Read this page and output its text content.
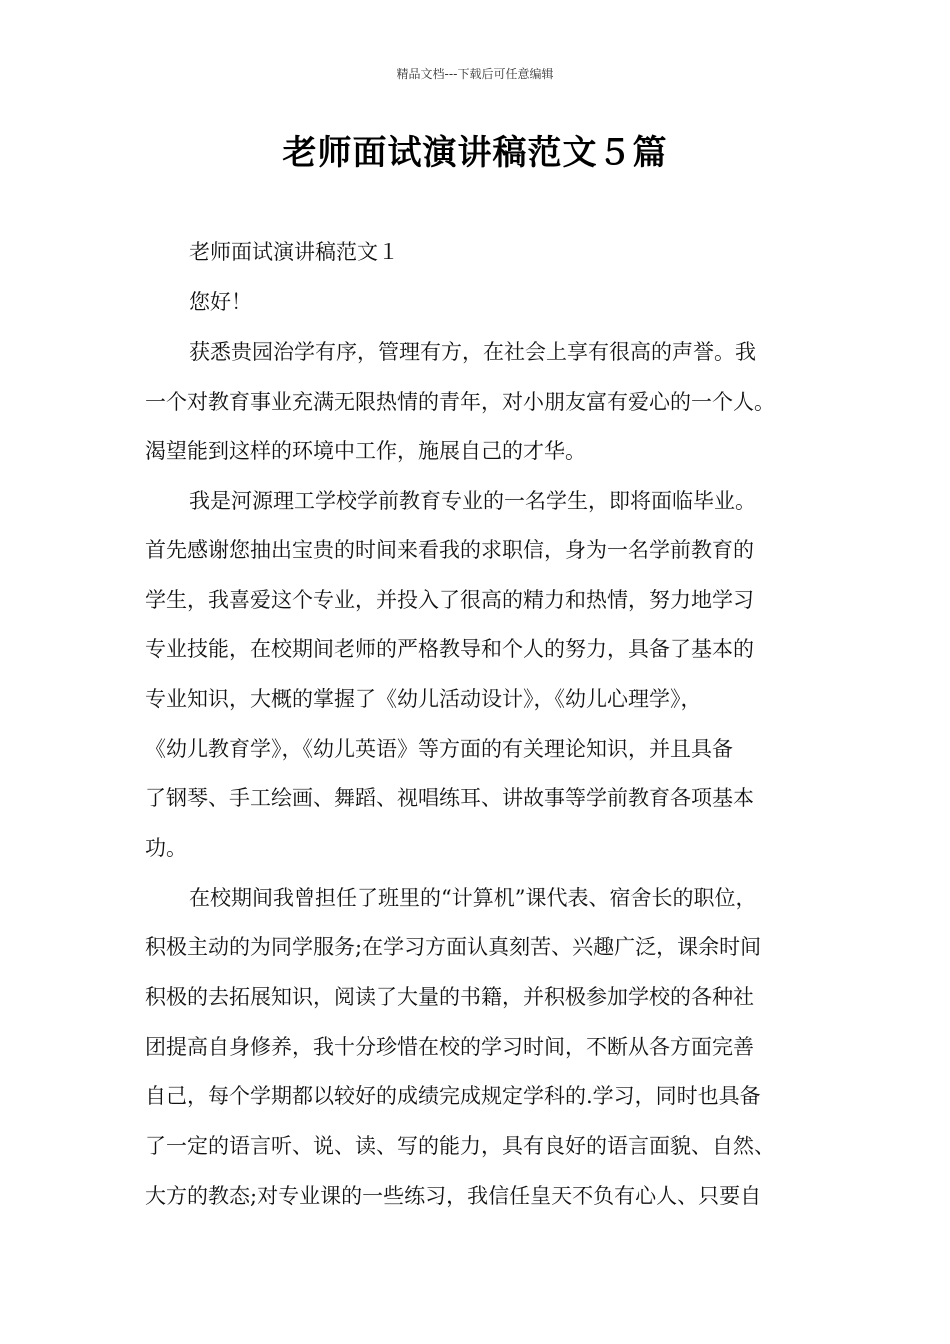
精品文档---下载后可任意编辑
老师面试演讲稿范文５篇
老师面试演讲稿范文１
您好！
获悉贵园治学有序，管理有方，在社会上享有很高的声誉。我
一个对教育事业充满无限热情的青年，对小朋友富有爱心的一个人。
渴望能到这样的环境中工作，施展自己的才华。
我是河源理工学校学前教育专业的一名学生，即将面临毕业。
首先感谢您抽出宝贵的时间来看我的求职信，身为一名学前教育的
学生，我喜爱这个专业，并投入了很高的精力和热情，努力地学习
专业技能，在校期间老师的严格教导和个人的努力，具备了基本的
专业知识，大概的掌握了《幼儿活动设计》，《幼儿心理学》，
《幼儿教育学》，《幼儿英语》等方面的有关理论知识，并且具备
了钢琴、手工绘画、舞蹈、视唱练耳、讲故事等学前教育各项基本
功。
在校期间我曾担任了班里的“计算机”课代表、宿舍长的职位，
积极主动的为同学服务;在学习方面认真刻苦、兴趣广泛，课余时间
积极的去拓展知识，阅读了大量的书籍，并积极参加学校的各种社
团提高自身修养，我十分珍惜在校的学习时间，不断从各方面完善
自己，每个学期都以较好的成绩完成规定学科的.学习，同时也具备
了一定的语言听、说、读、写的能力，具有良好的语言面貌、自然、
大方的教态;对专业课的一些练习，我信任皇天不负有心人、只要自
